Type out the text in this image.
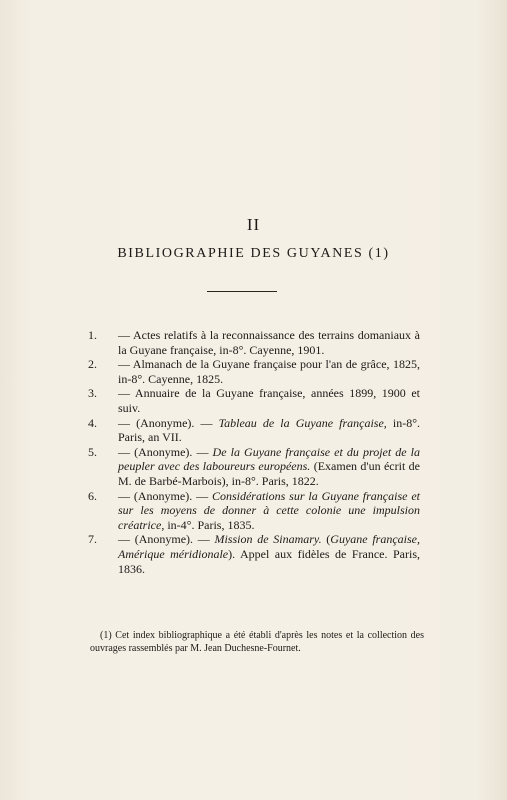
II
BIBLIOGRAPHIE DES GUYANES (1)
1. — Actes relatifs à la reconnaissance des terrains domaniaux à la Guyane française, in-8°. Cayenne, 1901.
2. — Almanach de la Guyane française pour l'an de grâce, 1825, in-8°. Cayenne, 1825.
3. — Annuaire de la Guyane française, années 1899, 1900 et suiv.
4. — (Anonyme). — Tableau de la Guyane française, in-8°. Paris, an VII.
5. — (Anonyme). — De la Guyane française et du projet de la peupler avec des laboureurs européens. (Examen d'un écrit de M. de Barbé-Marbois), in-8°. Paris, 1822.
6. — (Anonyme). — Considérations sur la Guyane française et sur les moyens de donner à cette colonie une impulsion créatrice, in-4°. Paris, 1835.
7. — (Anonyme). — Mission de Sinamary. (Guyane française, Amérique méridionale). Appel aux fidèles de France. Paris, 1836.
(1) Cet index bibliographique a été établi d'après les notes et la collection des ouvrages rassemblés par M. Jean Duchesne-Fournet.
